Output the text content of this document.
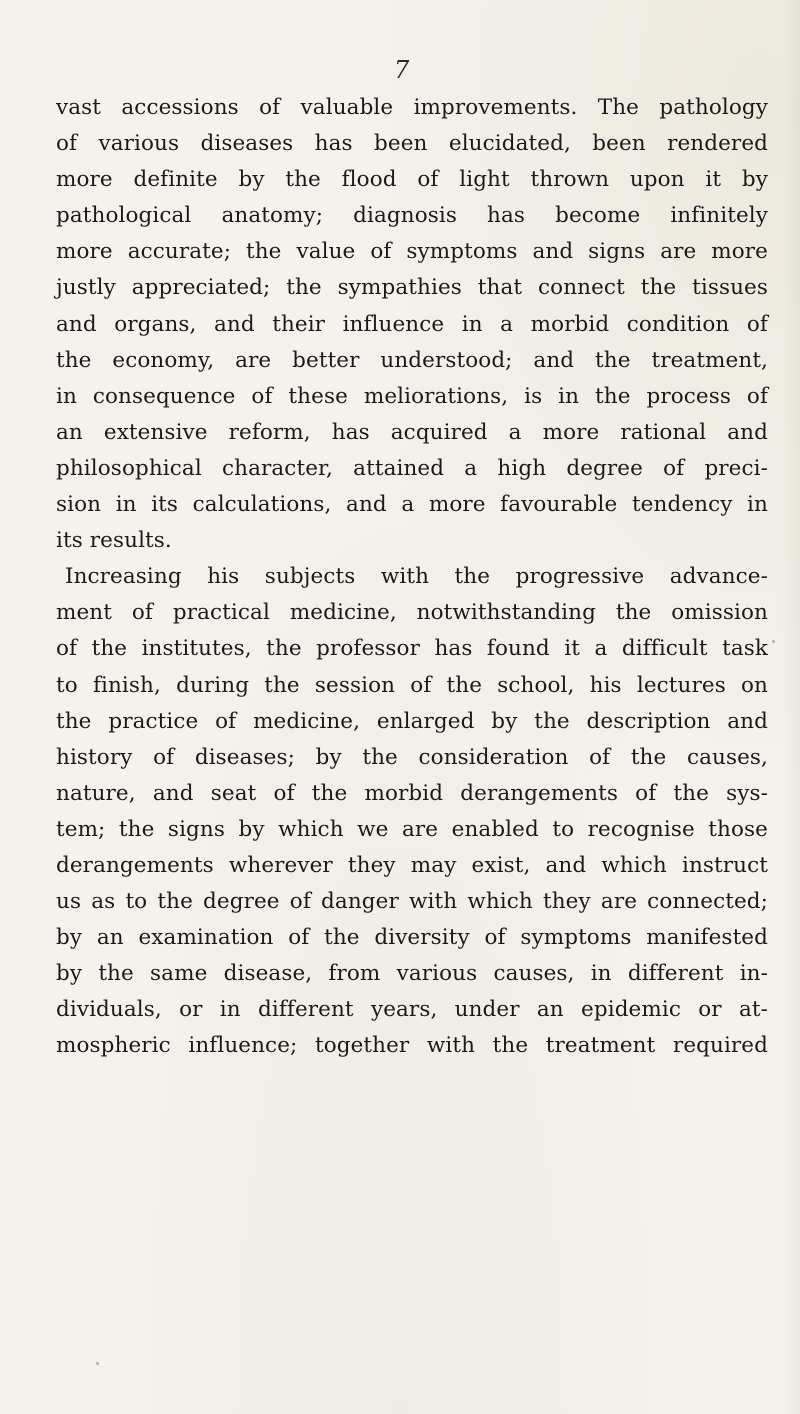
7
vast accessions of valuable improvements. The pathology
of various diseases has been elucidated, been rendered
more definite by the flood of light thrown upon it by
pathological anatomy; diagnosis has become infinitely
more accurate; the value of symptoms and signs are more
justly appreciated; the sympathies that connect the tissues
and organs, and their influence in a morbid condition of
the economy, are better understood; and the treatment,
in consequence of these meliorations, is in the process of
an extensive reform, has acquired a more rational and
philosophical character, attained a high degree of preci-
sion in its calculations, and a more favourable tendency in
its results.
Increasing his subjects with the progressive advance-
ment of practical medicine, notwithstanding the omission
of the institutes, the professor has found it a difficult task
to finish, during the session of the school, his lectures on
the practice of medicine, enlarged by the description and
history of diseases; by the consideration of the causes,
nature, and seat of the morbid derangements of the sys-
tem; the signs by which we are enabled to recognise those
derangements wherever they may exist, and which instruct
us as to the degree of danger with which they are connected;
by an examination of the diversity of symptoms manifested
by the same disease, from various causes, in different in-
dividuals, or in different years, under an epidemic or at-
mospheric influence; together with the treatment required
